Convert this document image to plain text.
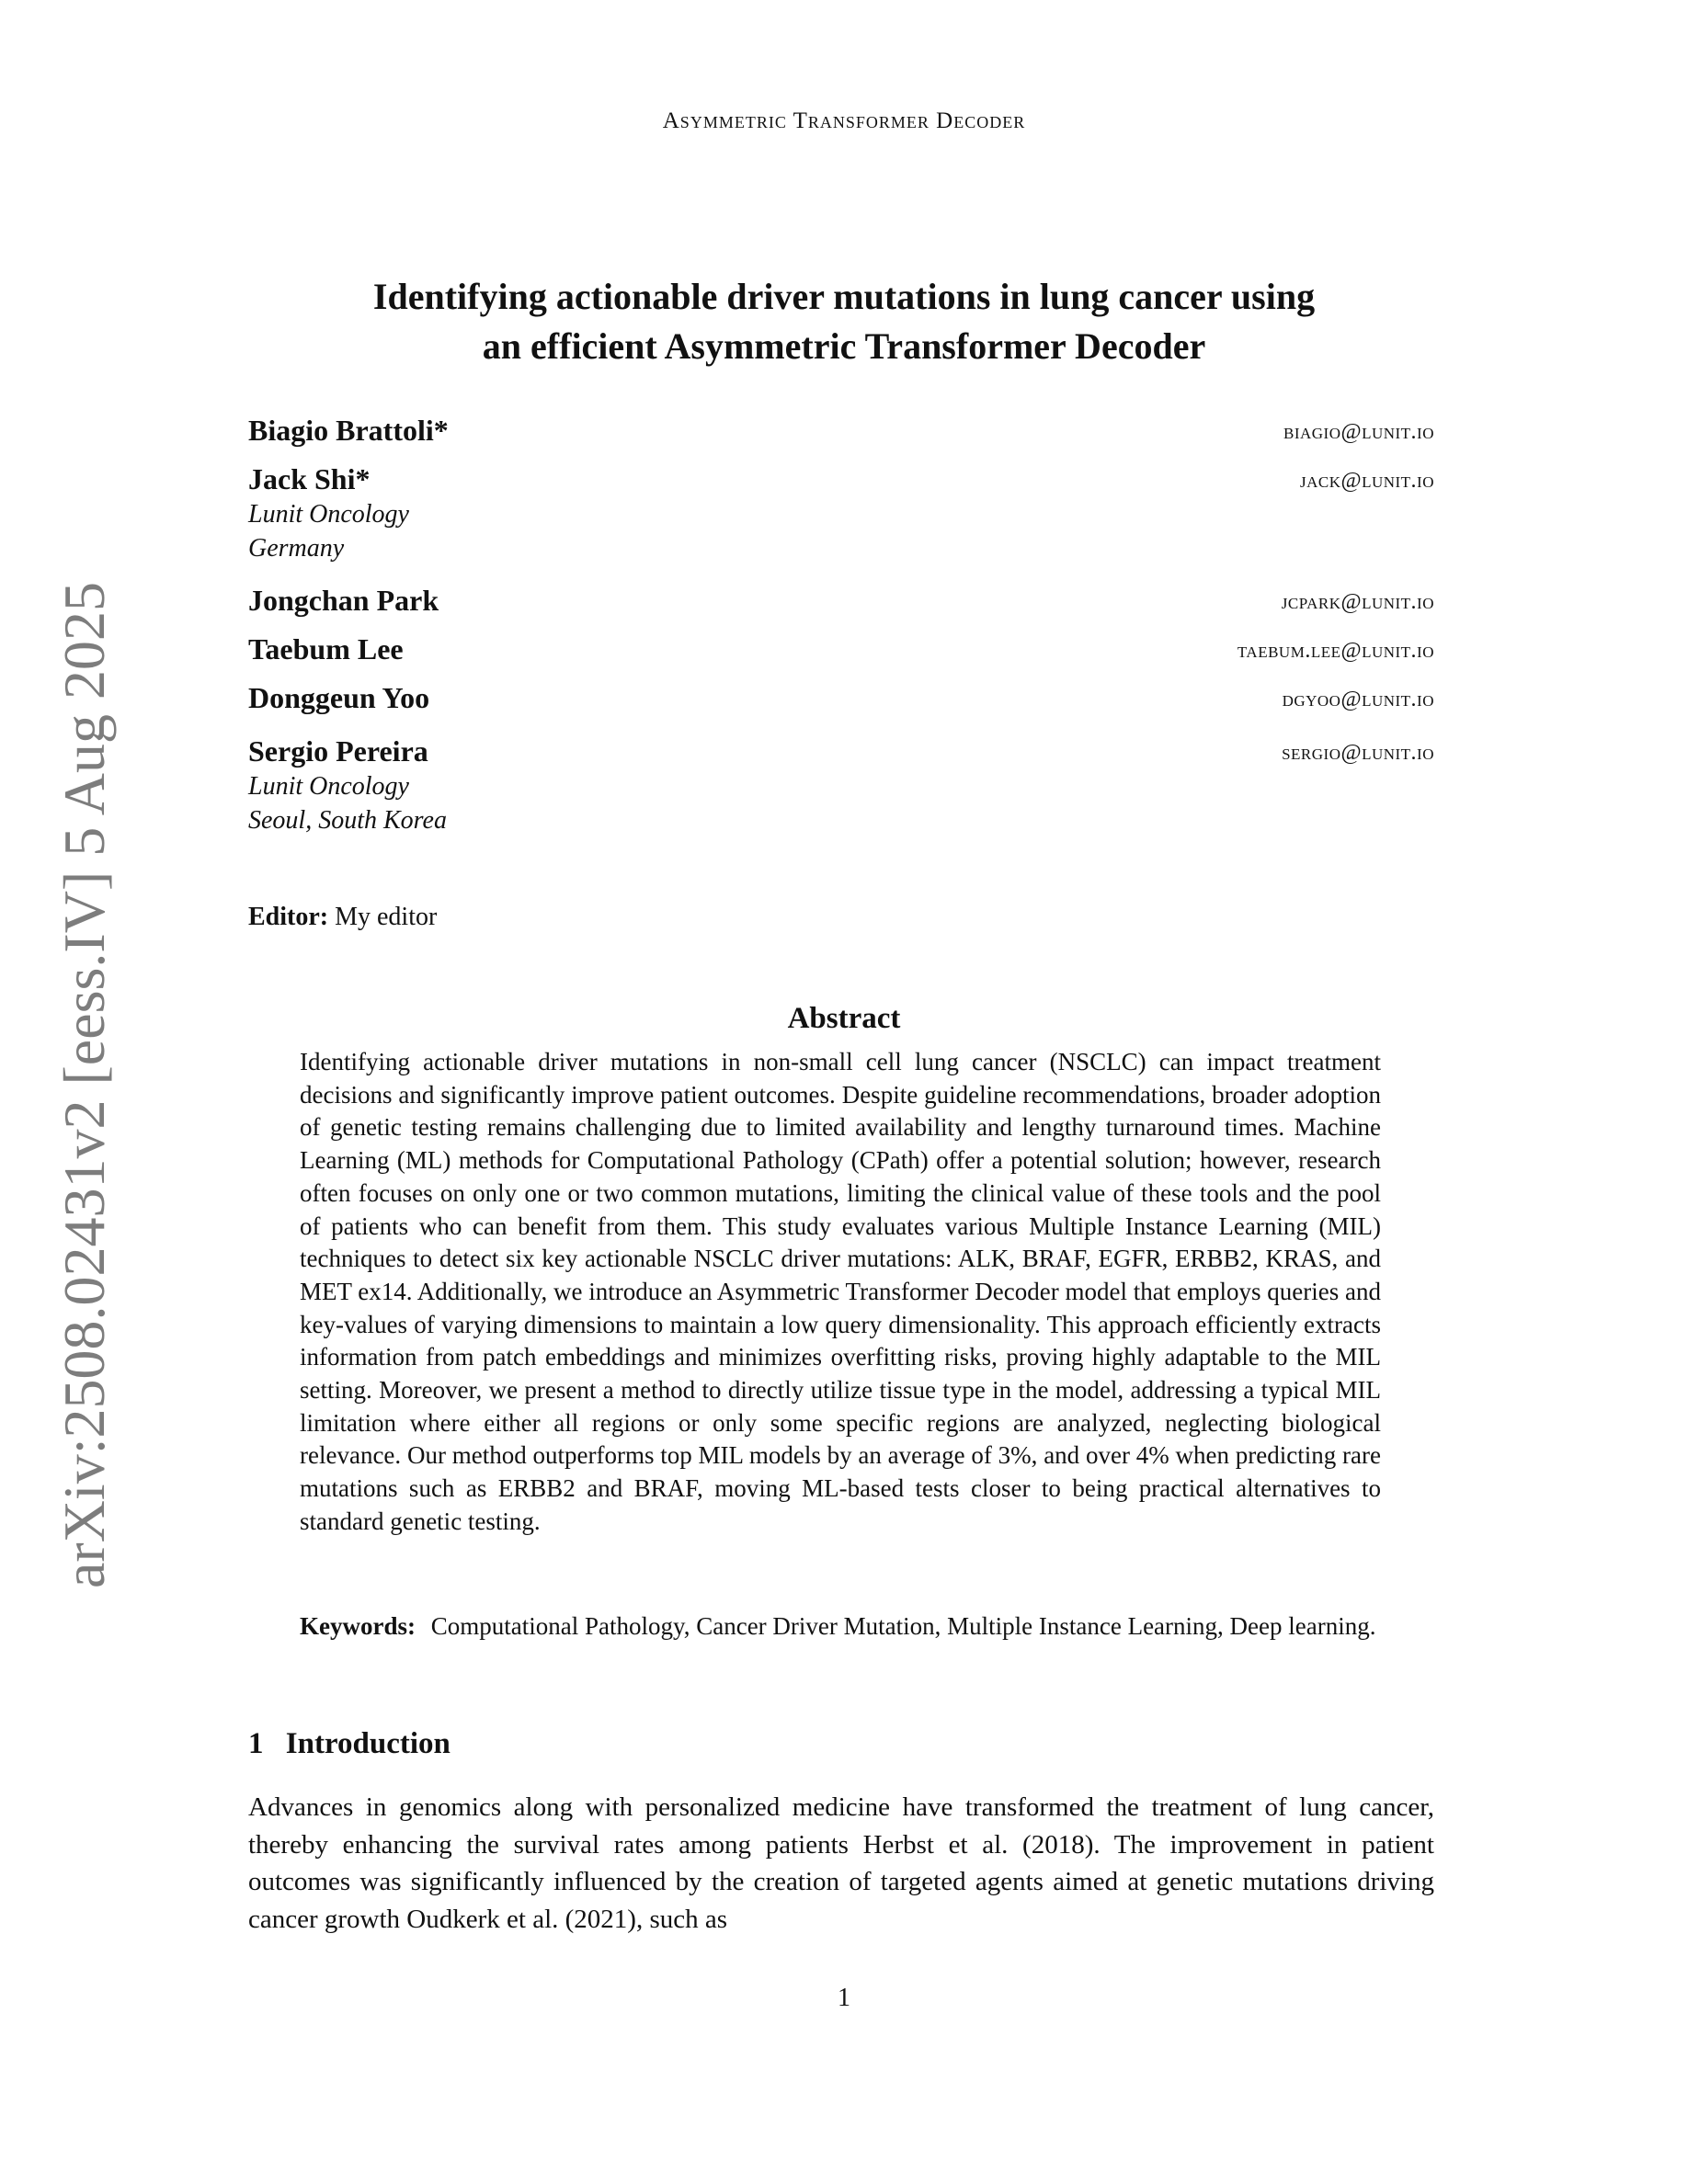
Asymmetric Transformer Decoder
arXiv:2508.02431v2 [eess.IV] 5 Aug 2025
Identifying actionable driver mutations in lung cancer using
an efficient Asymmetric Transformer Decoder
Biagio Brattoli*	biagio@lunit.io
Jack Shi*	jack@lunit.io
Lunit Oncology
Germany
Jongchan Park	jcpark@lunit.io
Taebum Lee	taebum.lee@lunit.io
Donggeun Yoo	dgyoo@lunit.io
Sergio Pereira	sergio@lunit.io
Lunit Oncology
Seoul, South Korea
Editor: My editor
Abstract
Identifying actionable driver mutations in non-small cell lung cancer (NSCLC) can impact treatment decisions and significantly improve patient outcomes. Despite guideline recommendations, broader adoption of genetic testing remains challenging due to limited availability and lengthy turnaround times. Machine Learning (ML) methods for Computational Pathology (CPath) offer a potential solution; however, research often focuses on only one or two common mutations, limiting the clinical value of these tools and the pool of patients who can benefit from them. This study evaluates various Multiple Instance Learning (MIL) techniques to detect six key actionable NSCLC driver mutations: ALK, BRAF, EGFR, ERBB2, KRAS, and MET ex14. Additionally, we introduce an Asymmetric Transformer Decoder model that employs queries and key-values of varying dimensions to maintain a low query dimensionality. This approach efficiently extracts information from patch embeddings and minimizes overfitting risks, proving highly adaptable to the MIL setting. Moreover, we present a method to directly utilize tissue type in the model, addressing a typical MIL limitation where either all regions or only some specific regions are analyzed, neglecting biological relevance. Our method outperforms top MIL models by an average of 3%, and over 4% when predicting rare mutations such as ERBB2 and BRAF, moving ML-based tests closer to being practical alternatives to standard genetic testing.
Keywords: Computational Pathology, Cancer Driver Mutation, Multiple Instance Learning, Deep learning.
1 Introduction
Advances in genomics along with personalized medicine have transformed the treatment of lung cancer, thereby enhancing the survival rates among patients Herbst et al. (2018). The improvement in patient outcomes was significantly influenced by the creation of targeted agents aimed at genetic mutations driving cancer growth Oudkerk et al. (2021), such as
1
